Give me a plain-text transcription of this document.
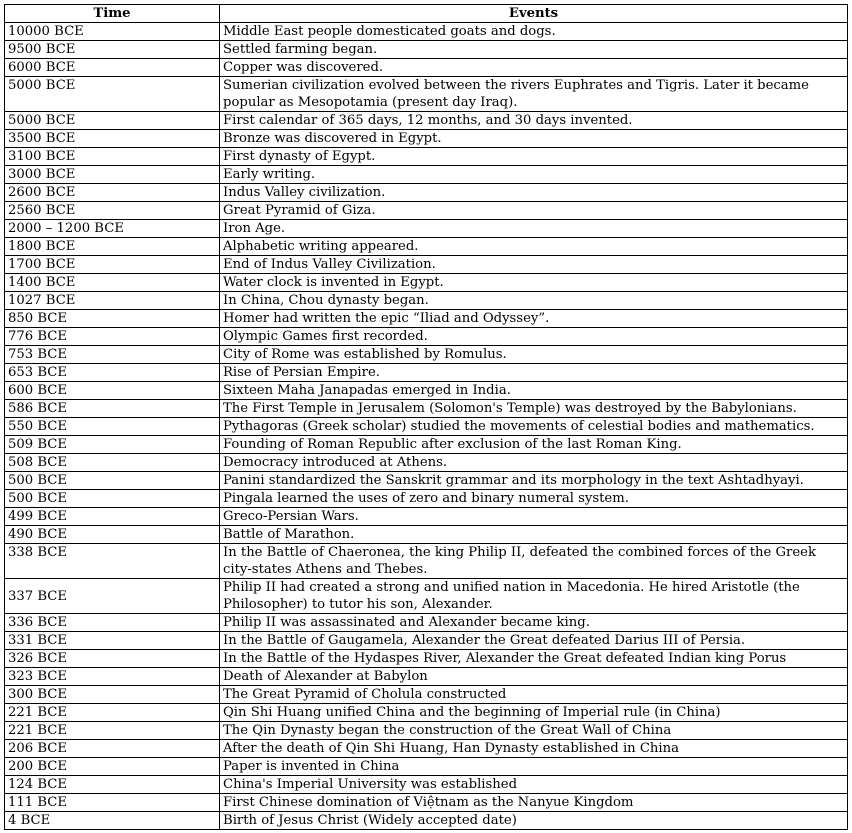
Time	Events
10000 BCE	Middle East people domesticated goats and dogs.
9500 BCE	Settled farming began.
6000 BCE	Copper was discovered.
5000 BCE	Sumerian civilization evolved between the rivers Euphrates and Tigris. Later it became popular as Mesopotamia (present day Iraq).
5000 BCE	First calendar of 365 days, 12 months, and 30 days invented.
3500 BCE	Bronze was discovered in Egypt.
3100 BCE	First dynasty of Egypt.
3000 BCE	Early writing.
2600 BCE	Indus Valley civilization.
2560 BCE	Great Pyramid of Giza.
2000 – 1200 BCE	Iron Age.
1800 BCE	Alphabetic writing appeared.
1700 BCE	End of Indus Valley Civilization.
1400 BCE	Water clock is invented in Egypt.
1027 BCE	In China, Chou dynasty began.
850 BCE	Homer had written the epic “Iliad and Odyssey”.
776 BCE	Olympic Games first recorded.
753 BCE	City of Rome was established by Romulus.
653 BCE	Rise of Persian Empire.
600 BCE	Sixteen Maha Janapadas emerged in India.
586 BCE	The First Temple in Jerusalem (Solomon's Temple) was destroyed by the Babylonians.
550 BCE	Pythagoras (Greek scholar) studied the movements of celestial bodies and mathematics.
509 BCE	Founding of Roman Republic after exclusion of the last Roman King.
508 BCE	Democracy introduced at Athens.
500 BCE	Panini standardized the Sanskrit grammar and its morphology in the text Ashtadhyayi.
500 BCE	Pingala learned the uses of zero and binary numeral system.
499 BCE	Greco-Persian Wars.
490 BCE	Battle of Marathon.
338 BCE	In the Battle of Chaeronea, the king Philip II, defeated the combined forces of the Greek city-states Athens and Thebes.
337 BCE	Philip II had created a strong and unified nation in Macedonia. He hired Aristotle (the Philosopher) to tutor his son, Alexander.
336 BCE	Philip II was assassinated and Alexander became king.
331 BCE	In the Battle of Gaugamela, Alexander the Great defeated Darius III of Persia.
326 BCE	In the Battle of the Hydaspes River, Alexander the Great defeated Indian king Porus
323 BCE	Death of Alexander at Babylon
300 BCE	The Great Pyramid of Cholula constructed
221 BCE	Qin Shi Huang unified China and the beginning of Imperial rule (in China)
221 BCE	The Qin Dynasty began the construction of the Great Wall of China
206 BCE	After the death of Qin Shi Huang, Han Dynasty established in China
200 BCE	Paper is invented in China
124 BCE	China's Imperial University was established
111 BCE	First Chinese domination of Việtnam as the Nanyue Kingdom
4 BCE	Birth of Jesus Christ (Widely accepted date)
